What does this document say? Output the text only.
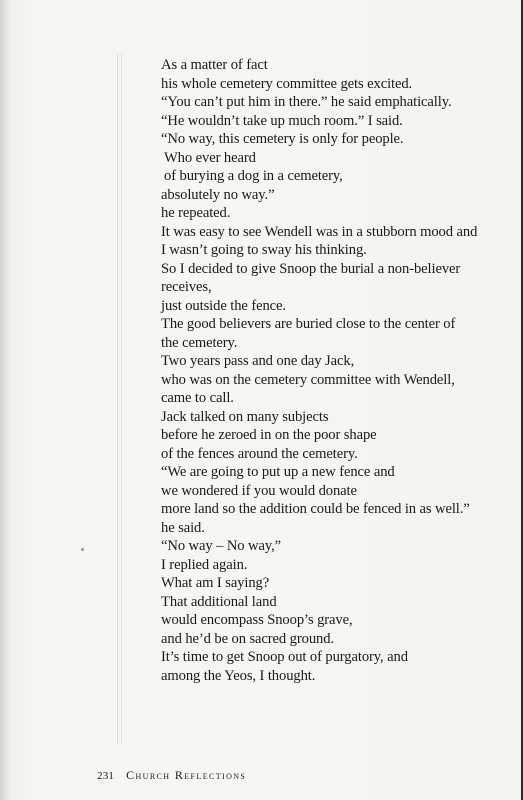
As a matter of fact
his whole cemetery committee gets excited.
“You can’t put him in there.” he said emphatically.
“He wouldn’t take up much room.” I said.
“No way, this cemetery is only for people.
Who ever heard
of burying a dog in a cemetery,
absolutely no way.”
he repeated.
It was easy to see Wendell was in a stubborn mood and
I wasn’t going to sway his thinking.
So I decided to give Snoop the burial a non-believer
receives,
just outside the fence.
The good believers are buried close to the center of
the cemetery.
Two years pass and one day Jack,
who was on the cemetery committee with Wendell,
came to call.
Jack talked on many subjects
before he zeroed in on the poor shape
of the fences around the cemetery.
“We are going to put up a new fence and
we wondered if you would donate
more land so the addition could be fenced in as well.”
he said.
“No way – No way,”
I replied again.
What am I saying?
That additional land
would encompass Snoop’s grave,
and he’d be on sacred ground.
It’s time to get Snoop out of purgatory, and
among the Yeos, I thought.
231 Church Reflections
